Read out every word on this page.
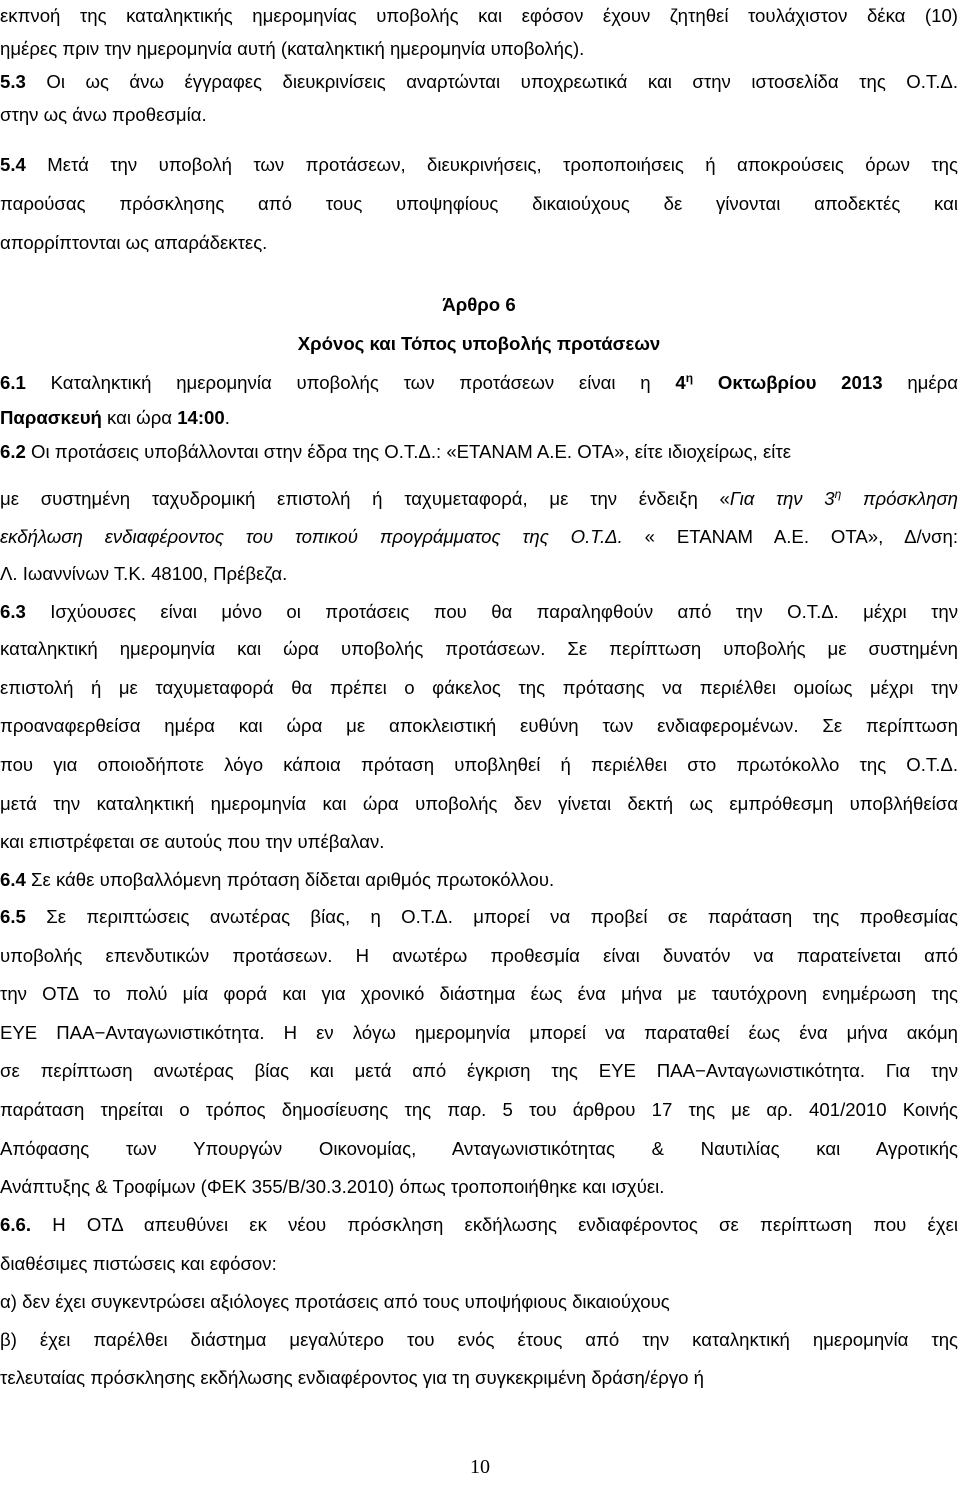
εκπνοή της καταληκτικής ημερομηνίας υποβολής και εφόσον έχουν ζητηθεί τουλάχιστον δέκα (10)
ημέρες πριν την ημερομηνία αυτή (καταληκτική ημερομηνία υποβολής).
5.3 Οι ως άνω έγγραφες διευκρινίσεις αναρτώνται υποχρεωτικά και στην ιστοσελίδα της Ο.Τ.Δ.
στην ως άνω προθεσμία.
5.4 Μετά την υποβολή των προτάσεων, διευκρινήσεις, τροποποιήσεις ή αποκρούσεις όρων της
παρούσας πρόσκλησης από τους υποψηφίους δικαιούχους δε γίνονται αποδεκτές και
απορρίπτονται ως απαράδεκτες.
Άρθρο 6
Χρόνος και Τόπος υποβολής προτάσεων
6.1 Καταληκτική ημερομηνία υποβολής των προτάσεων είναι η $4^\eta$ Οκτωβρίου 2013 ημέρα
Παρασκευή και ώρα 14:00.
6.2 Οι προτάσεις υποβάλλονται στην έδρα της Ο.Τ.Δ.: «ΕΤΑΝΑΜ Α.Ε. ΟΤΑ», είτε ιδιοχείρως, είτε
με συστημένη ταχυδρομική επιστολή ή ταχυμεταφορά, με την ένδειξη «Για την $3^\eta$ πρόσκληση
εκδήλωση ενδιαφέροντος του τοπικού προγράμματος της Ο.Τ.Δ. « ΕΤΑΝΑΜ Α.Ε. ΟΤΑ», Δ/νση:
Λ. Ιωαννίνων Τ.Κ. 48100, Πρέβεζα.
6.3 Ισχύουσες είναι μόνο οι προτάσεις που θα παραληφθούν από την Ο.Τ.Δ. μέχρι την
καταληκτική ημερομηνία και ώρα υποβολής προτάσεων. Σε περίπτωση υποβολής με συστημένη
επιστολή ή με ταχυμεταφορά θα πρέπει ο φάκελος της πρότασης να περιέλθει ομοίως μέχρι την
προαναφερθείσα ημέρα και ώρα με αποκλειστική ευθύνη των ενδιαφερομένων. Σε περίπτωση
που για οποιοδήποτε λόγο κάποια πρόταση υποβληθεί ή περιέλθει στο πρωτόκολλο της Ο.Τ.Δ.
μετά την καταληκτική ημερομηνία και ώρα υποβολής δεν γίνεται δεκτή ως εμπρόθεσμη υποβλήθείσα
και επιστρέφεται σε αυτούς που την υπέβαλαν.
6.4 Σε κάθε υποβαλλόμενη πρόταση δίδεται αριθμός πρωτοκόλλου.
6.5 Σε περιπτώσεις ανωτέρας βίας, η Ο.Τ.Δ. μπορεί να προβεί σε παράταση της προθεσμίας
υποβολής επενδυτικών προτάσεων. Η ανωτέρω προθεσμία είναι δυνατόν να παρατείνεται από
την ΟΤΔ το πολύ μία φορά και για χρονικό διάστημα έως ένα μήνα με ταυτόχρονη ενημέρωση της
ΕΥΕ ΠΑΑ−Ανταγωνιστικότητα. Η εν λόγω ημερομηνία μπορεί να παραταθεί έως ένα μήνα ακόμη
σε περίπτωση ανωτέρας βίας και μετά από έγκριση της ΕΥΕ ΠΑΑ−Ανταγωνιστικότητα. Για την
παράταση τηρείται ο τρόπος δημοσίευσης της παρ. 5 του άρθρου 17 της με αρ. 401/2010 Κοινής
Απόφασης των Υπουργών Οικονομίας, Ανταγωνιστικότητας & Ναυτιλίας και Αγροτικής
Ανάπτυξης & Τροφίμων (ΦΕΚ 355/Β/30.3.2010) όπως τροποποιήθηκε και ισχύει.
6.6. Η ΟΤΔ απευθύνει εκ νέου πρόσκληση εκδήλωσης ενδιαφέροντος σε περίπτωση που έχει
διαθέσιμες πιστώσεις και εφόσον:
α) δεν έχει συγκεντρώσει αξιόλογες προτάσεις από τους υποψήφιους δικαιούχους
β) έχει παρέλθει διάστημα μεγαλύτερο του ενός έτους από την καταληκτική ημερομηνία της
τελευταίας πρόσκλησης εκδήλωσης ενδιαφέροντος για τη συγκεκριμένη δράση/έργο ή
10
